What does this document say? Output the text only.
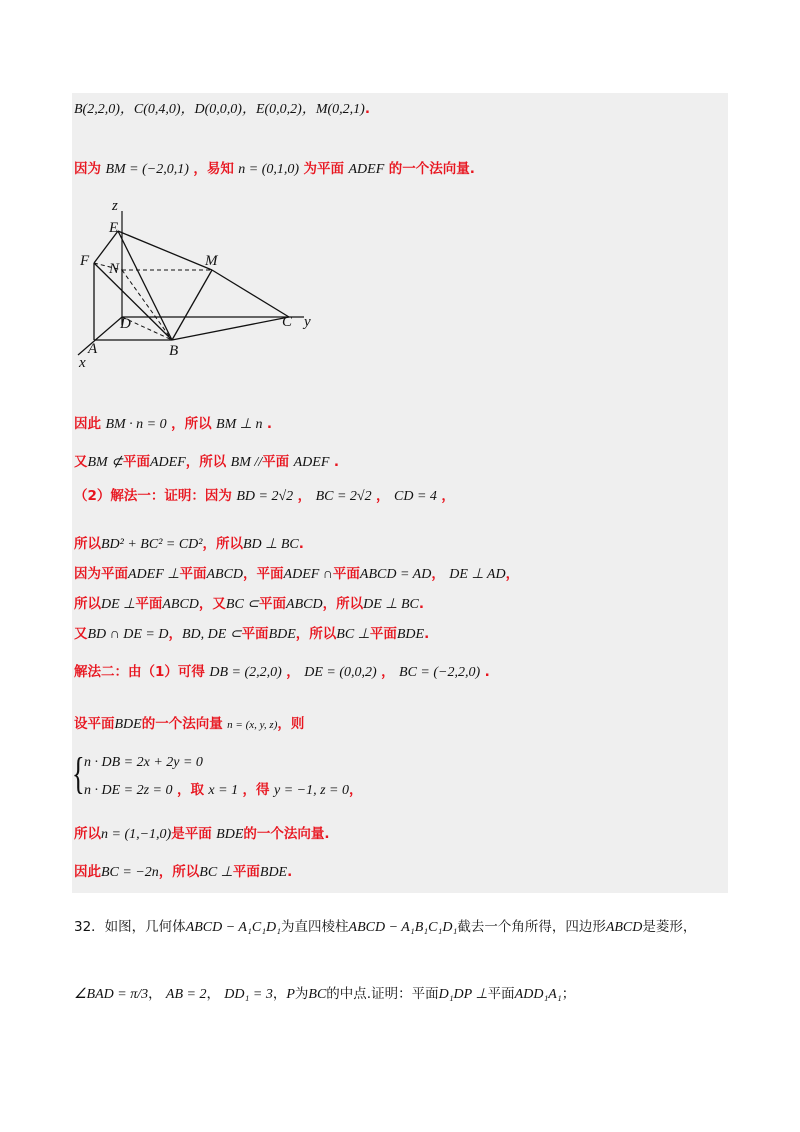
B(2,2,0)，C(0,4,0)，D(0,0,0)，E(0,0,2)，M(0,2,1).
因为 BM = (−2,0,1) ，易知 n = (0,1,0) 为平面 ADEF 的一个法向量.
z
E
F N	M
D	C y
A	B
x
因此 BM · n = 0 ，所以 BM ⊥ n .
又BM ⊄平面ADEF，所以 BM //平面 ADEF .
（2）解法一：证明：因为 BD = 2√2 ， BC = 2√2 ， CD = 4 ，
所以BD² + BC² = CD²，所以BD ⊥ BC.
因为平面ADEF ⊥平面ABCD，平面ADEF ∩平面ABCD = AD， DE ⊥ AD，
所以DE ⊥平面ABCD，又BC ⊂平面ABCD，所以DE ⊥ BC.
又BD ∩ DE = D，BD, DE ⊂平面BDE，所以BC ⊥平面BDE.
解法二：由（1）可得 DB = (2,2,0) ， DE = (0,0,2) ， BC = (−2,2,0) .
设平面BDE的一个法向量 n = (x, y, z)，则
{ n · DB = 2x + 2y = 0
n · DE = 2z = 0 ，取 x = 1 ，得 y = −1, z = 0，
所以n = (1,−1,0)是平面 BDE的一个法向量.
因此BC = −2n，所以BC ⊥平面BDE.
32．如图，几何体ABCD − A₁C₁D₁为直四棱柱ABCD − A₁B₁C₁D₁截去一个角所得，四边形ABCD是菱形，
∠BAD = π/3， AB = 2， DD₁ = 3，P为BC的中点.证明：平面D₁DP ⊥平面ADD₁A₁；
